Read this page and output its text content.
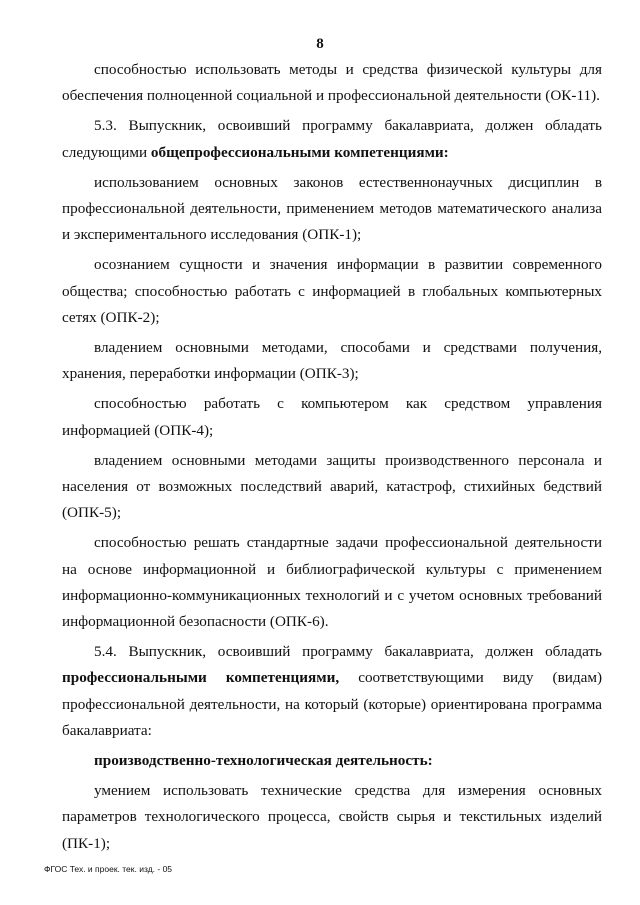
8

способностью использовать методы и средства физической культуры для обеспечения полноценной социальной и профессиональной деятельности (ОК-11).

5.3. Выпускник, освоивший программу бакалавриата, должен обладать следующими общепрофессиональными компетенциями:

использованием основных законов естественнонаучных дисциплин в профессиональной деятельности, применением методов математического анализа и экспериментального исследования (ОПК-1);

осознанием сущности и значения информации в развитии современного общества; способностью работать с информацией в глобальных компьютерных сетях (ОПК-2);

владением основными методами, способами и средствами получения, хранения, переработки информации (ОПК-3);

способностью работать с компьютером как средством управления информацией (ОПК-4);

владением основными методами защиты производственного персонала и населения от возможных последствий аварий, катастроф, стихийных бедствий (ОПК-5);

способностью решать стандартные задачи профессиональной деятельности на основе информационной и библиографической культуры с применением информационно-коммуникационных технологий и с учетом основных требований информационной безопасности (ОПК-6).

5.4. Выпускник, освоивший программу бакалавриата, должен обладать профессиональными компетенциями, соответствующими виду (видам) профессиональной деятельности, на который (которые) ориентирована программа бакалавриата:

производственно-технологическая деятельность:

умением использовать технические средства для измерения основных параметров технологического процесса, свойств сырья и текстильных изделий (ПК-1);

ФГОС Тех. и проек. тек. изд. - 05
